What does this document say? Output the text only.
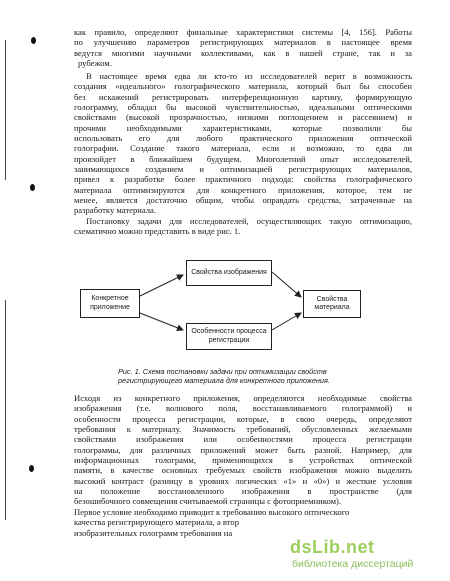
как правило, определяют финальные характеристики системы [4, 156]. Работы
по улучшению параметров регистрирующих материалов в настоящее время
ведутся многими научными коллективами, как в нашей стране, так и за
рубежом.
В настоящее время едва ли кто-то из исследователей верит в возможность
создания «идеального» голографического материала, который был бы способен
без искажений регистрировать интерференционную картину, формирующую
голограмму, обладал бы высокой чувствительностью, идеальными оптическими
свойствами (высокой прозрачностью, низкими поглощением и рассеянием) и
прочими необходимыми характеристиками, которые позволили бы
использовать его для любого практического приложения оптической
голографии. Создание такого материала, если и возможно, то едва ли
произойдет в ближайшем будущем. Многолетний опыт исследователей,
занимающихся созданием и оптимизацией регистрирующих материалов,
привел к разработке более практичного подхода: свойства голографического
материала оптимизируются для конкретного приложения, которое, тем не
менее, является достаточно общим, чтобы оправдать средства, затраченные на
разработку материала.
Постановку задачи для исследователей, осуществляющих такую оптимизацию,
схематично можно представить в виде рис. 1.
Конкретное приложение
Свойства изображения
Особенности процесса регистрации
Свойства материала
Рис. 1. Схема постановки задачи при оптимизации свойств
регистрирующего материала для конкретного приложения.
Исходя из конкретного приложения, определяются необходимые свойства
изображения (т.е. волнового поля, восстанавливаемого голограммой) и
особенности процесса регистрации, которые, в свою очередь, определяют
требования к материалу. Значимость требований, обусловленных желаемыми
свойствами изображения или особенностями процесса регистрации
голограммы, для различных приложений может быть разной. Например, для
информационных голограмм, применяющихся в устройствах оптической
памяти, в качестве основных требуемых свойств изображения можно выделить
высокий контраст (разницу в уровнях логических «1» и «0») и жесткие условия
на положение восстановленного изображения в пространстве (для
безошибочного совмещения считываемой страницы с фотоприемником).
Первое условие необходимо приводит к требованию высокого оптического
качества регистрирующего материала, а втор
изобразительных голограмм требования на
dsLib.net
библиотека диссертаций
